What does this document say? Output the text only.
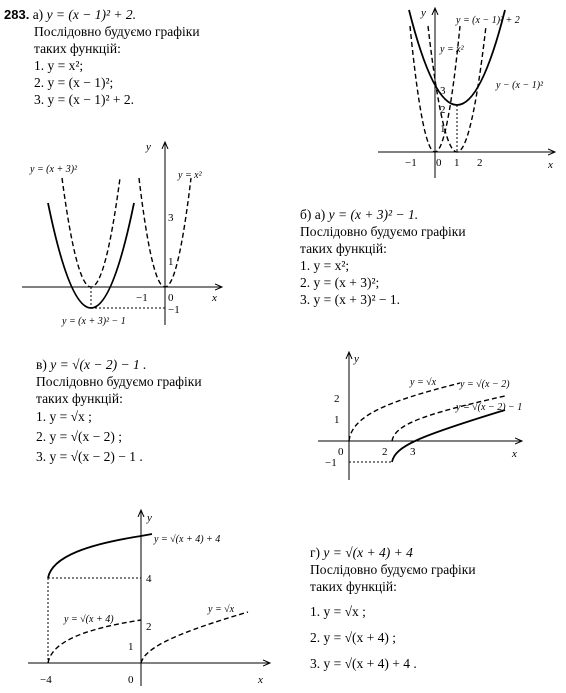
283. а) y = (x − 1)² + 2.
Послідовно будуємо графіки
таких функцій:
1. y = x²;
2. y = (x − 1)²;
3. y = (x − 1)² + 2.
б) а) y = (x + 3)² − 1.
Послідовно будуємо графіки
таких функцій:
1. y = x²;
2. y = (x + 3)²;
3. y = (x + 3)² − 1.
в) y = √(x − 2) − 1 .
Послідовно будуємо графіки
таких функцій:
1. y = √x ;
2. y = √(x − 2) ;
3. y = √(x − 2) − 1 .
г) y = √(x + 4) + 4
Послідовно будуємо графіки
таких функцій:
1. y = √x ;
2. y = √(x + 4) ;
3. y = √(x + 4) + 4 .
x
y
−1 0 1 2
1
2
3
y = (x − 1)² + 2
y = x²
y − (x − 1)²
x
y
−1 0
1
3
−1
y = (x + 3)²
y = x²
y = (x + 3)² − 1
x
y
0	2 3
2
1
−1
y = √x y = √(x − 2)
y = √(x − 2) − 1
x
y
−4	0
4
2
1
y = √(x + 4) + 4
y = √(x + 4)
y = √x
